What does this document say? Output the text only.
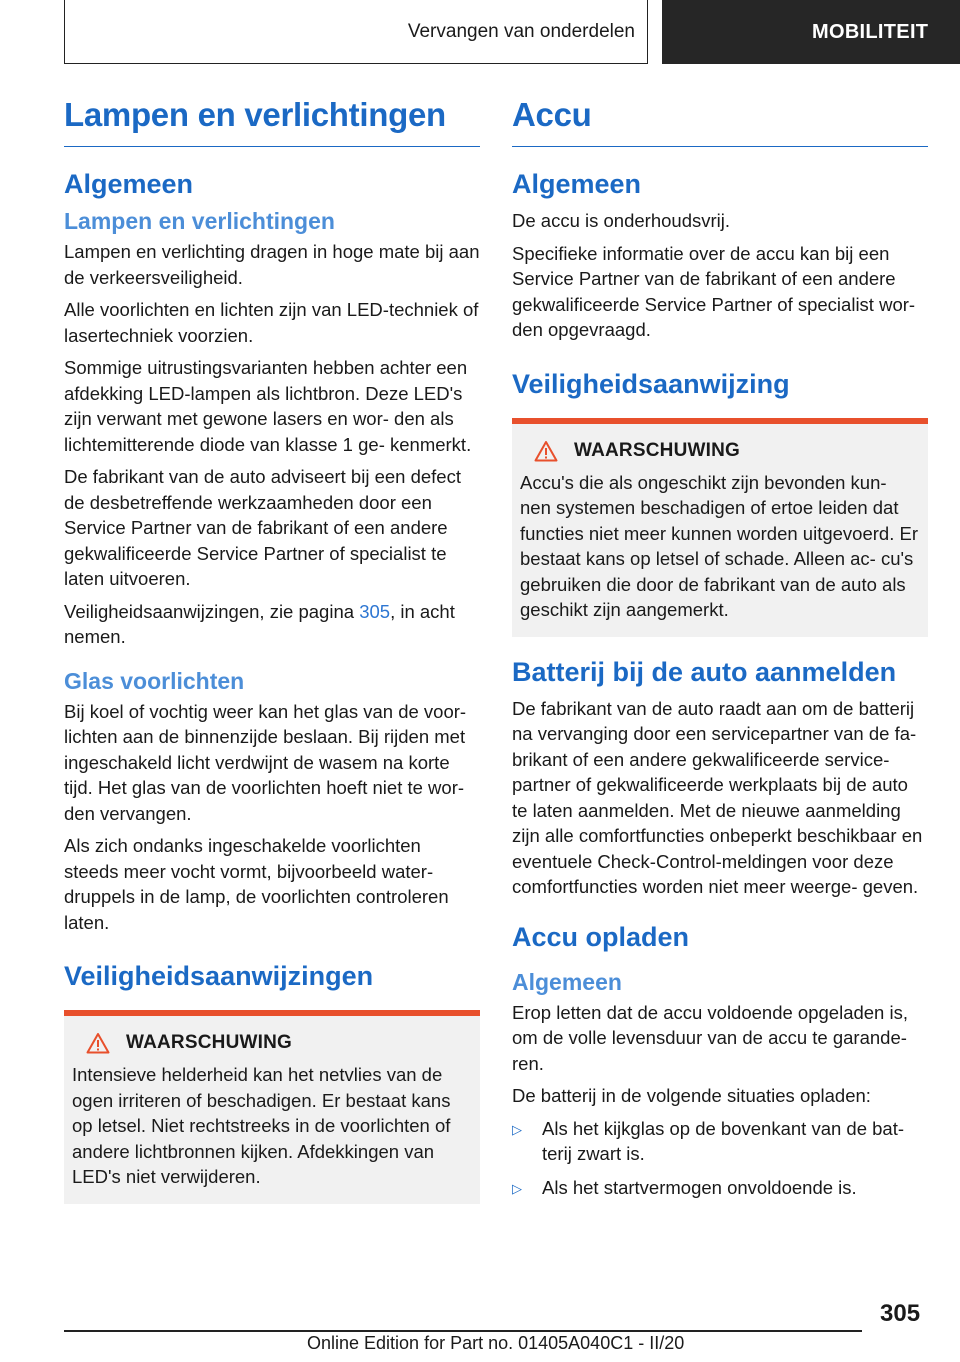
Vervangen van onderdelen	MOBILITEIT
Lampen en verlichtingen
Algemeen
Lampen en verlichtingen

Lampen en verlichting dragen in hoge mate bij aan de verkeersveiligheid.

Alle voorlichten en lichten zijn van LED-techniek of lasertechniek voorzien.

Sommige uitrustingsvarianten hebben achter een afdekking LED-lampen als lichtbron. Deze LED's zijn verwant met gewone lasers en wor- den als lichtemitterende diode van klasse 1 ge- kenmerkt.

De fabrikant van de auto adviseert bij een defect de desbetreffende werkzaamheden door een Service Partner van de fabrikant of een andere gekwalificeerde Service Partner of specialist te laten uitvoeren.

Veiligheidsaanwijzingen, zie pagina 305, in acht nemen.

Glas voorlichten

Bij koel of vochtig weer kan het glas van de voor- lichten aan de binnenzijde beslaan. Bij rijden met ingeschakeld licht verdwijnt de wasem na korte tijd. Het glas van de voorlichten hoeft niet te wor- den vervangen.

Als zich ondanks ingeschakelde voorlichten steeds meer vocht vormt, bijvoorbeeld water- druppels in de lamp, de voorlichten controleren laten.

Veiligheidsaanwijzingen
WAARSCHUWING

Intensieve helderheid kan het netvlies van de ogen irriteren of beschadigen. Er bestaat kans op letsel. Niet rechtstreeks in de voorlichten of andere lichtbronnen kijken. Afdekkingen van LED's niet verwijderen.

Accu
Algemeen

De accu is onderhoudsvrij.

Specifieke informatie over de accu kan bij een Service Partner van de fabrikant of een andere gekwalificeerde Service Partner of specialist wor- den opgevraagd.

Veiligheidsaanwijzing
WAARSCHUWING

Accu's die als ongeschikt zijn bevonden kun- nen systemen beschadigen of ertoe leiden dat functies niet meer kunnen worden uitgevoerd. Er bestaat kans op letsel of schade. Alleen ac- cu's gebruiken die door de fabrikant van de auto als geschikt zijn aangemerkt.

Batterij bij de auto aanmelden

De fabrikant van de auto raadt aan om de batterij na vervanging door een servicepartner van de fa- brikant of een andere gekwalificeerde service- partner of gekwalificeerde werkplaats bij de auto te laten aanmelden. Met de nieuwe aanmelding zijn alle comfortfuncties onbeperkt beschikbaar en eventuele Check-Control-meldingen voor deze comfortfuncties worden niet meer weerge- geven.

Accu opladen
Algemeen

Erop letten dat de accu voldoende opgeladen is, om de volle levensduur van de accu te garande- ren.

De batterij in de volgende situaties opladen:

▷	Als het kijkglas op de bovenkant van de bat- terij zwart is.
▷	Als het startvermogen onvoldoende is.
305
Online Edition for Part no. 01405A040C1 - II/20
